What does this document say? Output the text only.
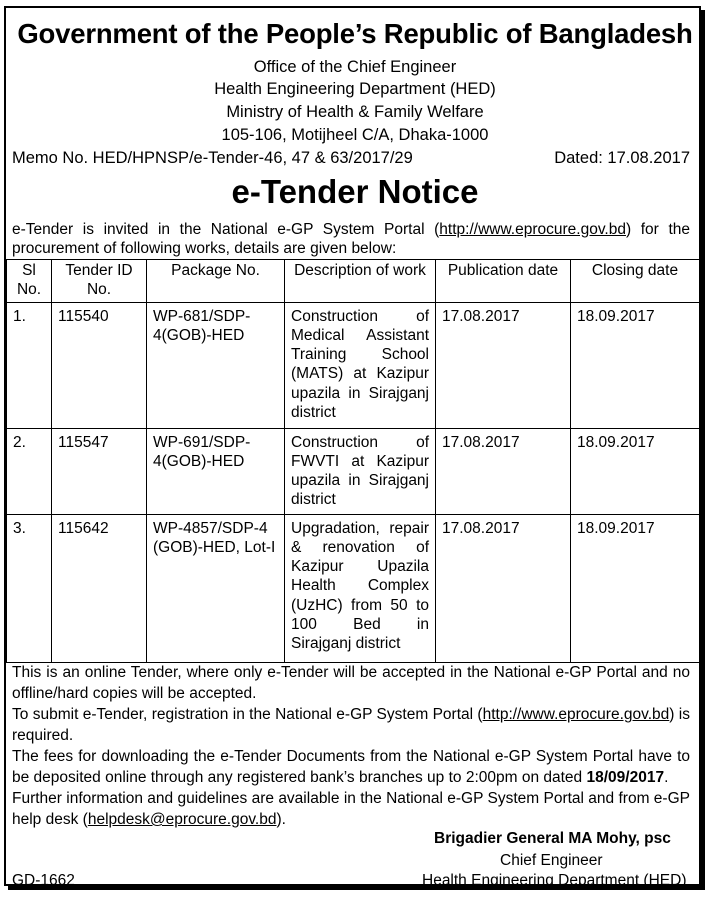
Government of the People’s Republic of Bangladesh
Office of the Chief Engineer
Health Engineering Department (HED)
Ministry of Health & Family Welfare
105-106, Motijheel C/A, Dhaka-1000
Memo No. HED/HPNSP/e-Tender-46, 47 & 63/2017/29	Dated: 17.08.2017
e-Tender Notice
e-Tender is invited in the National e-GP System Portal (http://www.eprocure.gov.bd) for the procurement of following works, details are given below:
Sl No.	Tender ID No.	Package No.	Description of work	Publication date	Closing date
1.	115540	WP-681/SDP-4(GOB)-HED	Construction of Medical Assistant Training School (MATS) at Kazipur upazila in Sirajganj district	17.08.2017	18.09.2017
2.	115547	WP-691/SDP-4(GOB)-HED	Construction of FWVTI at Kazipur upazila in Sirajganj district	17.08.2017	18.09.2017
3.	115642	WP-4857/SDP-4 (GOB)-HED, Lot-I	Upgradation, repair & renovation of Kazipur Upazila Health Complex (UzHC) from 50 to 100 Bed in Sirajganj district	17.08.2017	18.09.2017

This is an online Tender, where only e-Tender will be accepted in the National e-GP Portal and no offline/hard copies will be accepted.

To submit e-Tender, registration in the National e-GP System Portal (http://www.eprocure.gov.bd) is required.

The fees for downloading the e-Tender Documents from the National e-GP System Portal have to be deposited online through any registered bank’s branches up to 2:00pm on dated 18/09/2017.

Further information and guidelines are available in the National e-GP System Portal and from e-GP help desk (helpdesk@eprocure.gov.bd).

Brigadier General MA Mohy, psc
Chief Engineer
Health Engineering Department (HED)
GD-1662
